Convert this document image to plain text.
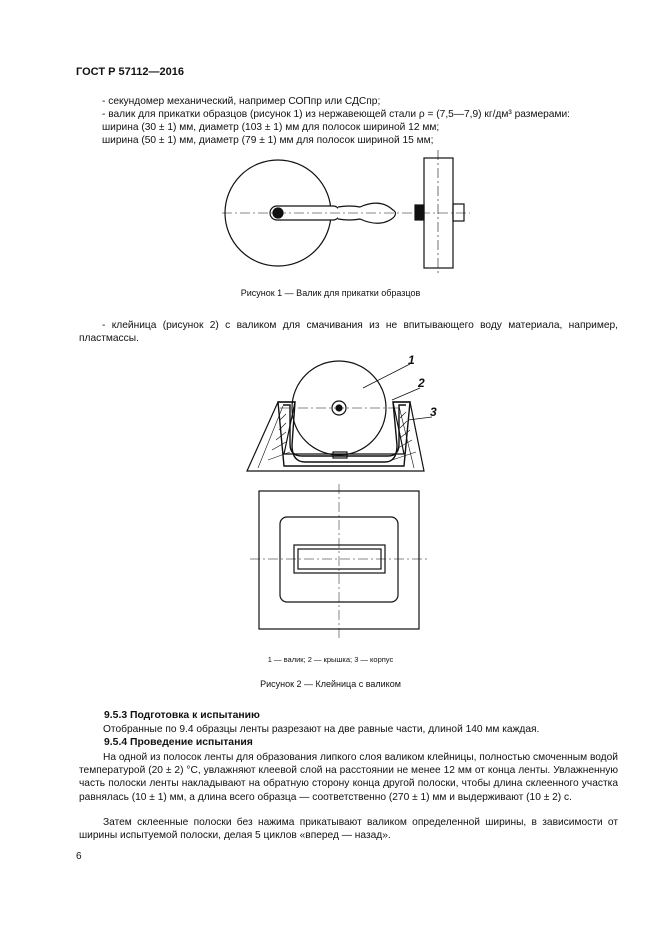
ГОСТ Р 57112—2016
- секундомер механический, например СОПпр или СДСпр;
- валик для прикатки образцов (рисунок 1) из нержавеющей стали ρ = (7,5—7,9) кг/дм³ размерами:
ширина (30 ± 1) мм, диаметр (103 ± 1) мм для полосок шириной 12 мм;
ширина (50 ± 1) мм, диаметр (79 ± 1) мм для полосок шириной 15 мм;
Рисунок 1 — Валик для прикатки образцов
- клейница (рисунок 2) с валиком для смачивания из не впитывающего воду материала, например, пластмассы.
1
2
3
1 — валик; 2 — крышка; 3 — корпус
Рисунок 2 — Клейница с валиком
9.5.3 Подготовка к испытанию
Отобранные по 9.4 образцы ленты разрезают на две равные части, длиной 140 мм каждая.
9.5.4 Проведение испытания
На одной из полосок ленты для образования липкого слоя валиком клейницы, полностью смоченным водой температурой (20 ± 2) °С, увлажняют клеевой слой на расстоянии не менее 12 мм от конца ленты. Увлажненную часть полоски ленты накладывают на обратную сторону конца другой полоски, чтобы длина склеенного участка равнялась (10 ± 1) мм, а длина всего образца — соответственно (270 ± 1) мм и выдерживают (10 ± 2) с.
Затем склеенные полоски без нажима прикатывают валиком определенной ширины, в зависимости от ширины испытуемой полоски, делая 5 циклов «вперед — назад».
6
